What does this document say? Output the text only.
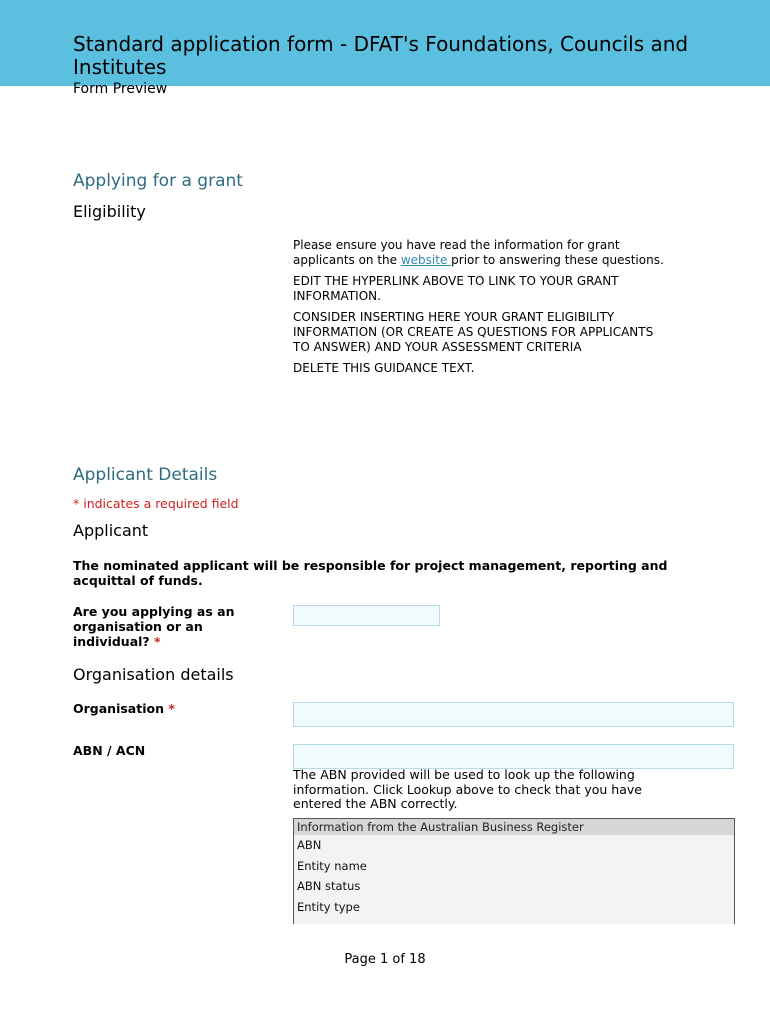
Standard application form - DFAT's Foundations, Councils and Institutes
Form Preview
Applying for a grant
Eligibility

Please ensure you have read the information for grant applicants on the website prior to answering these questions.

EDIT THE HYPERLINK ABOVE TO LINK TO YOUR GRANT INFORMATION.

CONSIDER INSERTING HERE YOUR GRANT ELIGIBILITY INFORMATION (OR CREATE AS QUESTIONS FOR APPLICANTS TO ANSWER) AND YOUR ASSESSMENT CRITERIA

DELETE THIS GUIDANCE TEXT.

Applicant Details
* indicates a required field
Applicant
The nominated applicant will be responsible for project management, reporting and acquittal of funds.
Are you applying as an organisation or an individual? *
Organisation details
Organisation *
ABN / ACN
The ABN provided will be used to look up the following information. Click Lookup above to check that you have entered the ABN correctly.
Information from the Australian Business Register
ABN
Entity name
ABN status
Entity type
Page 1 of 18
